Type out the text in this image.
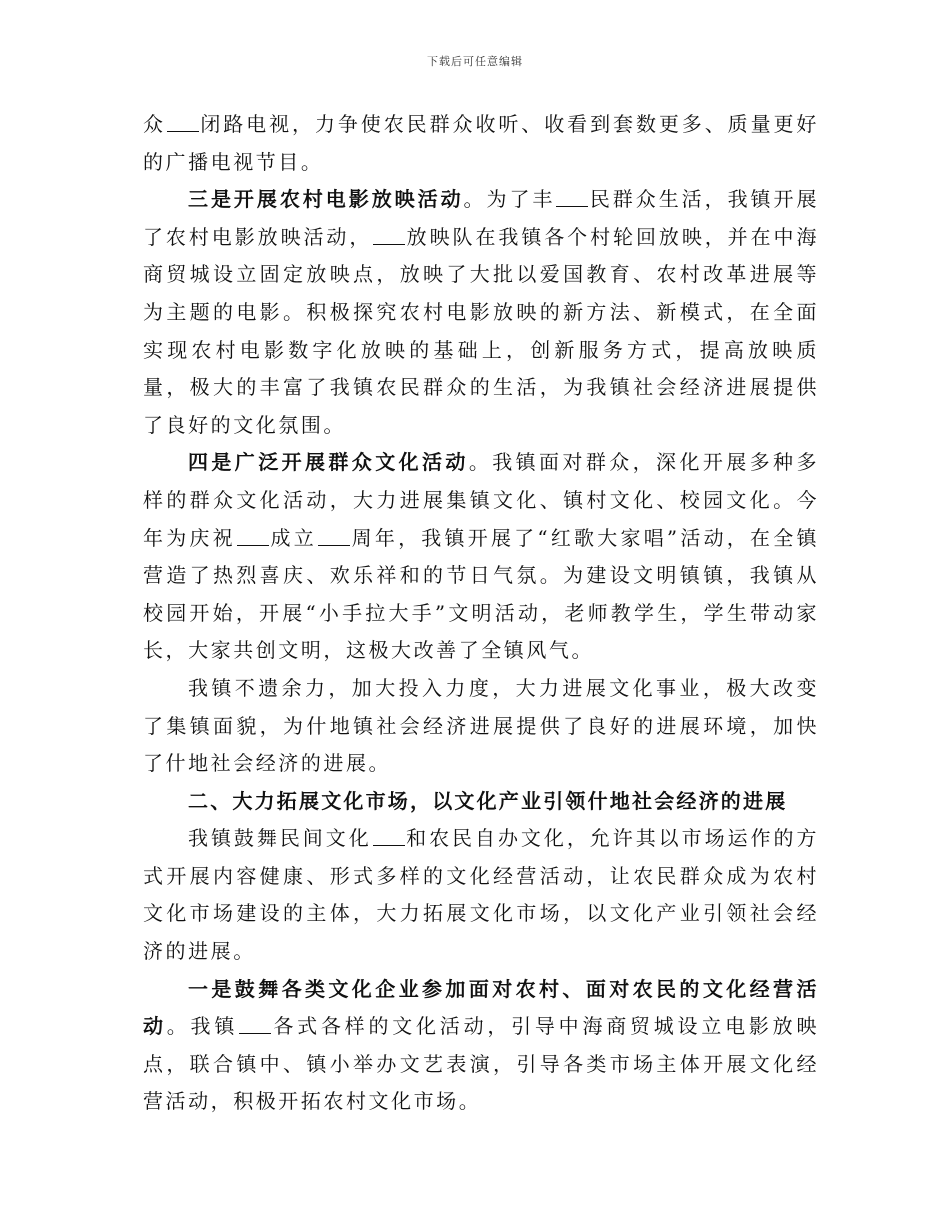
下载后可任意编辑

众 闭路电视，力争使农民群众收听、收看到套数更多、质量更好的广播电视节目。

三是开展农村电影放映活动。为了丰 民群众生活，我镇开展了农村电影放映活动， 放映队在我镇各个村轮回放映，并在中海商贸城设立固定放映点，放映了大批以爱国教育、农村改革进展等为主题的电影。积极探究农村电影放映的新方法、新模式，在全面实现农村电影数字化放映的基础上，创新服务方式，提高放映质量，极大的丰富了我镇农民群众的生活，为我镇社会经济进展提供了良好的文化氛围。

四是广泛开展群众文化活动。我镇面对群众，深化开展多种多样的群众文化活动，大力进展集镇文化、镇村文化、校园文化。今年为庆祝 成立 周年，我镇开展了“红歌大家唱”活动，在全镇营造了热烈喜庆、欢乐祥和的节日气氛。为建设文明镇镇，我镇从校园开始，开展“小手拉大手”文明活动，老师教学生，学生带动家长，大家共创文明，这极大改善了全镇风气。

我镇不遗余力，加大投入力度，大力进展文化事业，极大改变了集镇面貌，为什地镇社会经济进展提供了良好的进展环境，加快了什地社会经济的进展。

二、大力拓展文化市场，以文化产业引领什地社会经济的进展

我镇鼓舞民间文化 和农民自办文化，允许其以市场运作的方式开展内容健康、形式多样的文化经营活动，让农民群众成为农村文化市场建设的主体，大力拓展文化市场，以文化产业引领社会经济的进展。

一是鼓舞各类文化企业参加面对农村、面对农民的文化经营活动。我镇 各式各样的文化活动，引导中海商贸城设立电影放映点，联合镇中、镇小举办文艺表演，引导各类市场主体开展文化经营活动，积极开拓农村文化市场。
